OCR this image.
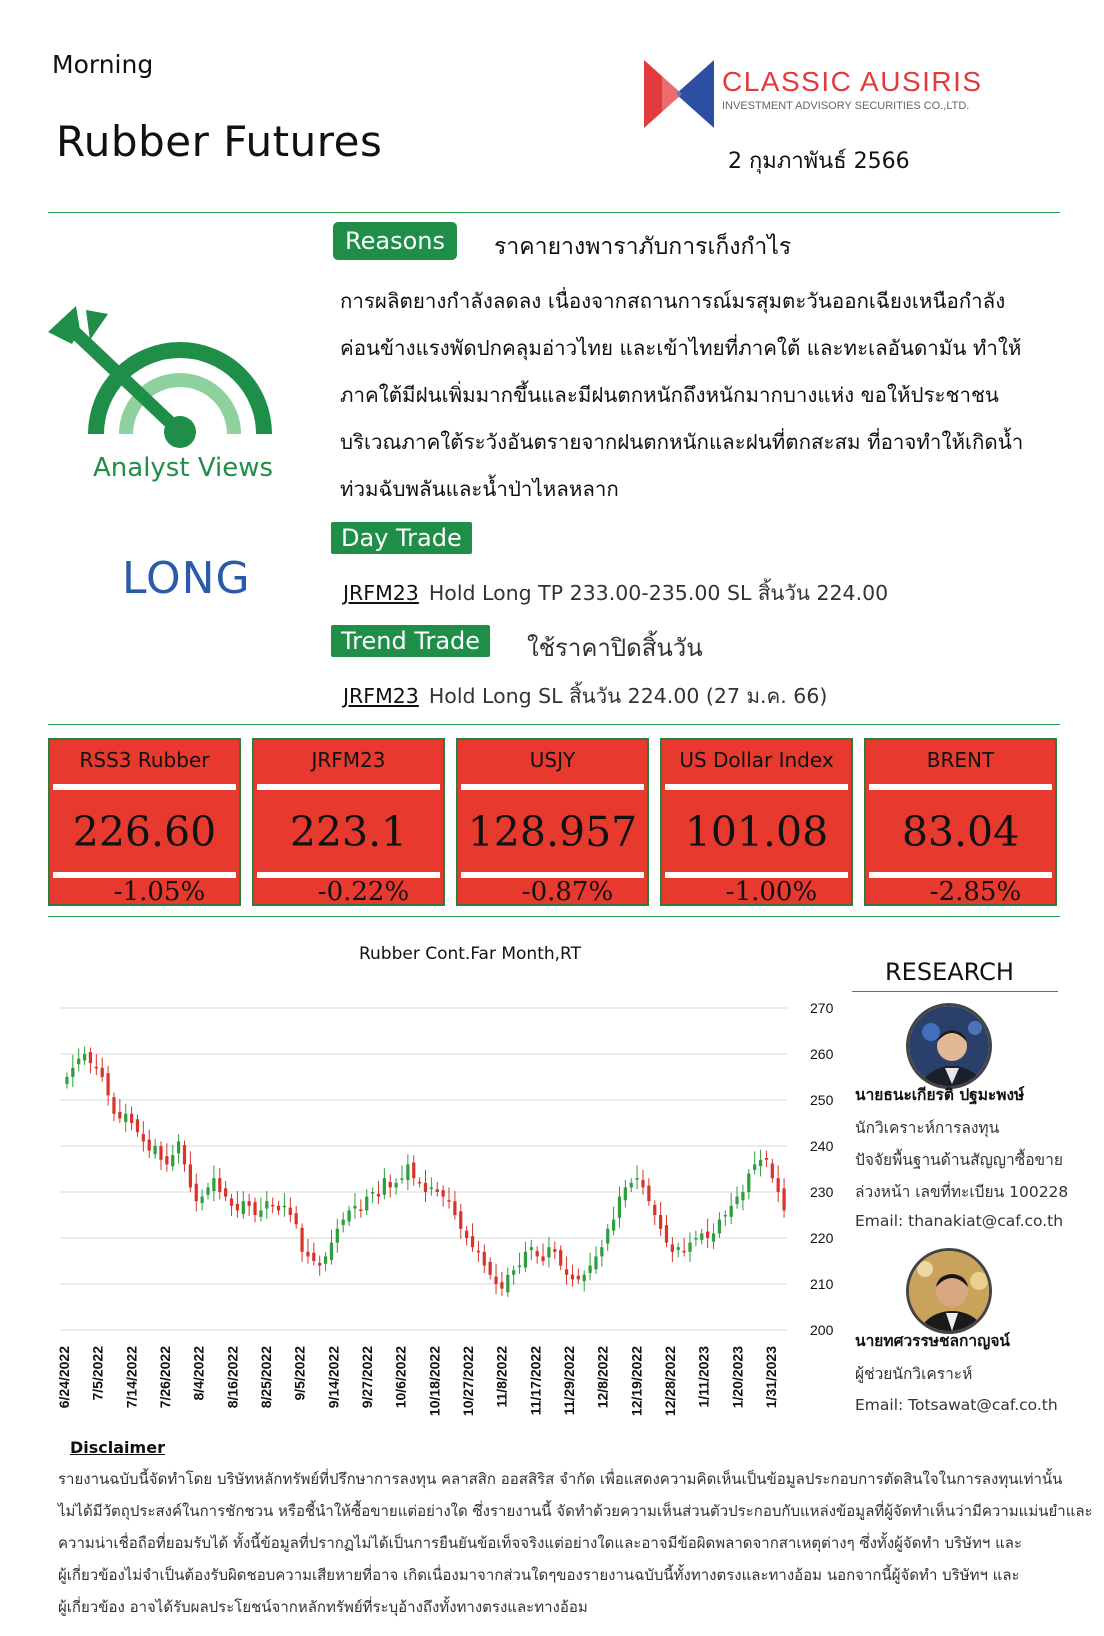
Morning
Rubber Futures
CLASSIC AUSIRIS
INVESTMENT ADVISORY SECURITIES CO.,LTD.
2 กุมภาพันธ์ 2566
Analyst Views
LONG
Reasons	ราคายางพาราภับการเก็งกำไร
การผลิตยางกำลังลดลง เนื่องจากสถานการณ์มรสุมตะวันออกเฉียงเหนือกำลัง
ค่อนข้างแรงพัดปกคลุมอ่าวไทย และเข้าไทยที่ภาคใต้ และทะเลอันดามัน ทำให้
ภาคใต้มีฝนเพิ่มมากขึ้นและมีฝนตกหนักถึงหนักมากบางแห่ง ขอให้ประชาชน
บริเวณภาคใต้ระวังอันตรายจากฝนตกหนักและฝนที่ตกสะสม ที่อาจทำให้เกิดน้ำ
ท่วมฉับพลันและน้ำป่าไหลหลาก
Day Trade
JRFM23 Hold Long TP 233.00-235.00 SL สิ้นวัน 224.00
Trend Trade	ใช้ราคาปิดสิ้นวัน
JRFM23 Hold Long SL สิ้นวัน 224.00 (27 ม.ค. 66)
RSS3 Rubber
226.60
-1.05%
JRFM23
223.1
-0.22%
USJY
128.957
-0.87%
US Dollar Index
101.08
-1.00%
BRENT
83.04
-2.85%
Rubber Cont.Far Month,RT
270
260
250
240
230
220
210
200
6/24/2022 7/5/2022 7/14/2022 7/26/2022 8/4/2022 8/16/2022 8/25/2022 9/5/2022 9/14/2022 9/27/2022 10/6/2022 10/18/2022 10/27/2022 11/8/2022 11/17/2022 11/29/2022 12/8/2022 12/19/2022 12/28/2022 1/11/2023 1/20/2023 1/31/2023
RESEARCH
นายธนะเกียรติ ปฐมะพงษ์
นักวิเคราะห์การลงทุน
ปัจจัยพื้นฐานด้านสัญญาซื้อขาย
ล่วงหน้า เลขที่ทะเบียน 100228
Email: thanakiat@caf.co.th
นายทศวรรษชลกาญจน์
ผู้ช่วยนักวิเคราะห์
Email: Totsawat@caf.co.th
Disclaimer
รายงานฉบับนี้จัดทำโดย บริษัทหลักทรัพย์ที่ปรึกษาการลงทุน คลาสสิก ออสสิริส จำกัด เพื่อแสดงความคิดเห็นเป็นข้อมูลประกอบการตัดสินใจในการลงทุนเท่านั้น
ไม่ได้มีวัตถุประสงค์ในการชักชวน หรือชี้นำให้ซื้อขายแต่อย่างใด ซึ่งรายงานนี้ จัดทำด้วยความเห็นส่วนตัวประกอบกับแหล่งข้อมูลที่ผู้จัดทำเห็นว่ามีความแม่นยำและ
ความน่าเชื่อถือที่ยอมรับได้ ทั้งนี้ข้อมูลที่ปรากฏไม่ได้เป็นการยืนยันข้อเท็จจริงแต่อย่างใดและอาจมีข้อผิดพลาดจากสาเหตุต่างๆ ซึ่งทั้งผู้จัดทำ บริษัทฯ และ
ผู้เกี่ยวข้องไม่จำเป็นต้องรับผิดชอบความเสียหายที่อาจ เกิดเนื่องมาจากส่วนใดๆของรายงานฉบับนี้ทั้งทางตรงและทางอ้อม นอกจากนี้ผู้จัดทำ บริษัทฯ และ
ผู้เกี่ยวข้อง อาจได้รับผลประโยชน์จากหลักทรัพย์ที่ระบุอ้างถึงทั้งทางตรงและทางอ้อม
